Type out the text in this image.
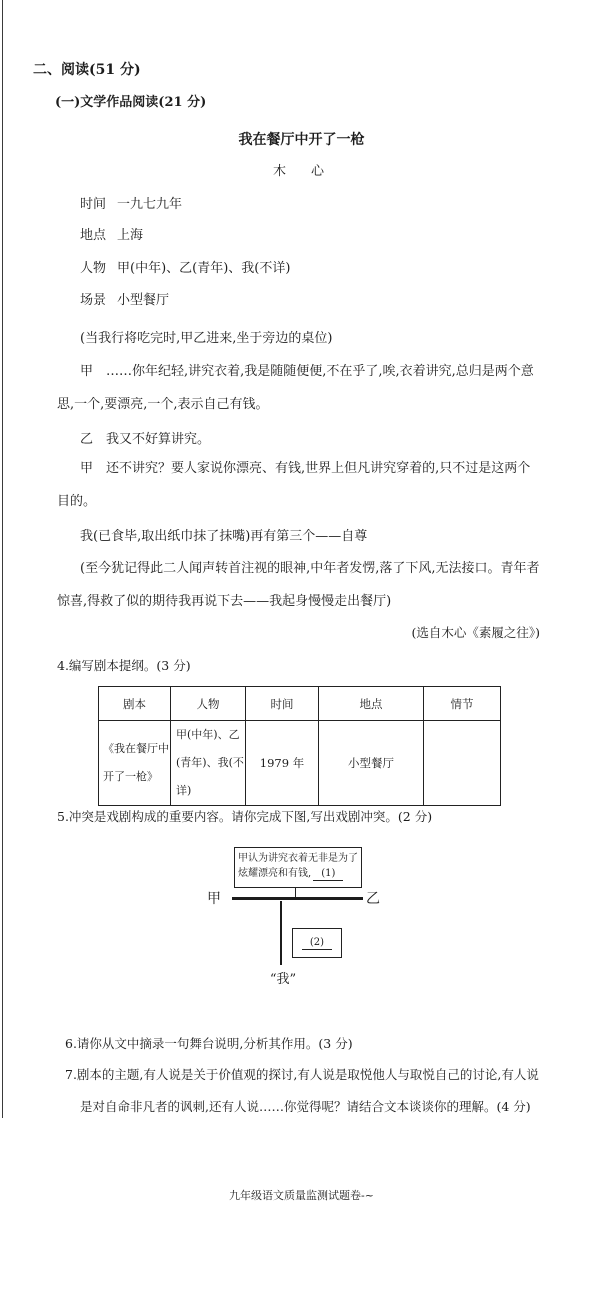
二、阅读(51 分)
(一)文学作品阅读(21 分)
我在餐厅中开了一枪
木　心
时间 一九七九年
地点 上海
人物 甲(中年)、乙(青年)、我(不详)
场景 小型餐厅
(当我行将吃完时,甲乙进来,坐于旁边的桌位)
甲　……你年纪轻,讲究衣着,我是随随便便,不在乎了,唉,衣着讲究,总归是两个意
思,一个,要漂亮,一个,表示自己有钱。
乙　我又不好算讲究。
甲　还不讲究？要人家说你漂亮、有钱,世界上但凡讲究穿着的,只不过是这两个
目的。
我(已食毕,取出纸巾抹了抹嘴)再有第三个——自尊
(至今犹记得此二人闻声转首注视的眼神,中年者发愣,落了下风,无法接口。青年者
惊喜,得救了似的期待我再说下去——我起身慢慢走出餐厅)
(选自木心《素履之往》)
4.编写剧本提纲。(3 分)
剧本	人物	时间	地点	情节
《我在餐厅中开了一枪》	甲(中年)、乙(青年)、我(不详)	1979 年	小型餐厅	
5.冲突是戏剧构成的重要内容。请你完成下图,写出戏剧冲突。(2 分)
甲认为讲究衣着无非是为了炫耀漂亮和有钱, (1)
甲	乙
(2)
“我”
6.请你从文中摘录一句舞台说明,分析其作用。(3 分)
7.剧本的主题,有人说是关于价值观的探讨,有人说是取悦他人与取悦自己的讨论,有人说
是对自命非凡者的讽刺,还有人说……你觉得呢？请结合文本谈谈你的理解。(4 分)
九年级语文质量监测试题卷-~
